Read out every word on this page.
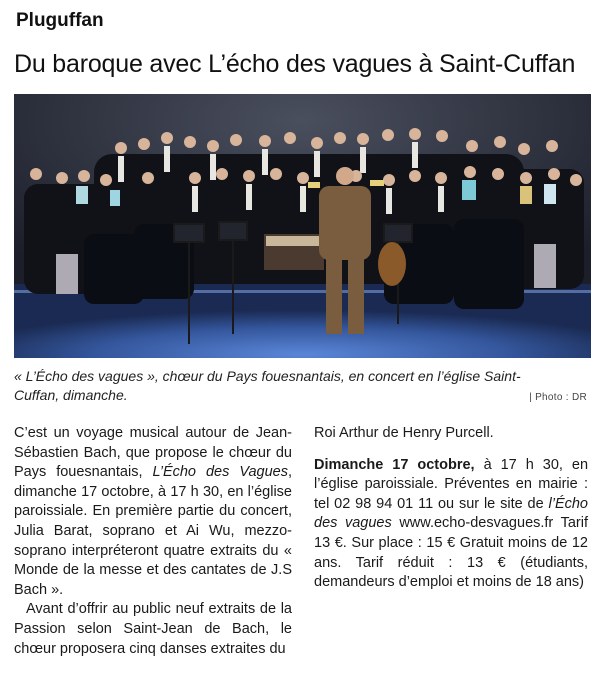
Pluguffan
Du baroque avec L’écho des vagues à Saint-Cuffan
« L’Écho des vagues », chœur du Pays fouesnantais, en concert en l’église Saint-Cuffan, dimanche.	| Photo : DR

C’est un voyage musical autour de Jean-Sébastien Bach, que propose le chœur du Pays fouesnantais, L’Écho des Vagues, dimanche 17 octobre, à 17 h 30, en l’église paroissiale. En première partie du concert, Julia Barat, soprano et Ai Wu, mezzo-soprano interpréteront quatre extraits du « Monde de la messe et des cantates de J.S Bach ».

Avant d’offrir au public neuf extraits de la Passion selon Saint-Jean de Bach, le chœur proposera cinq danses extraites du

Roi Arthur de Henry Purcell.

Dimanche 17 octobre, à 17 h 30, en l’église paroissiale. Préventes en mairie : tel 02 98 94 01 11 ou sur le site de l’Écho des vagues www.echo-desvagues.fr Tarif 13 €. Sur place : 15 € Gratuit moins de 12 ans. Tarif réduit : 13 € (étudiants, demandeurs d’emploi et moins de 18 ans)
